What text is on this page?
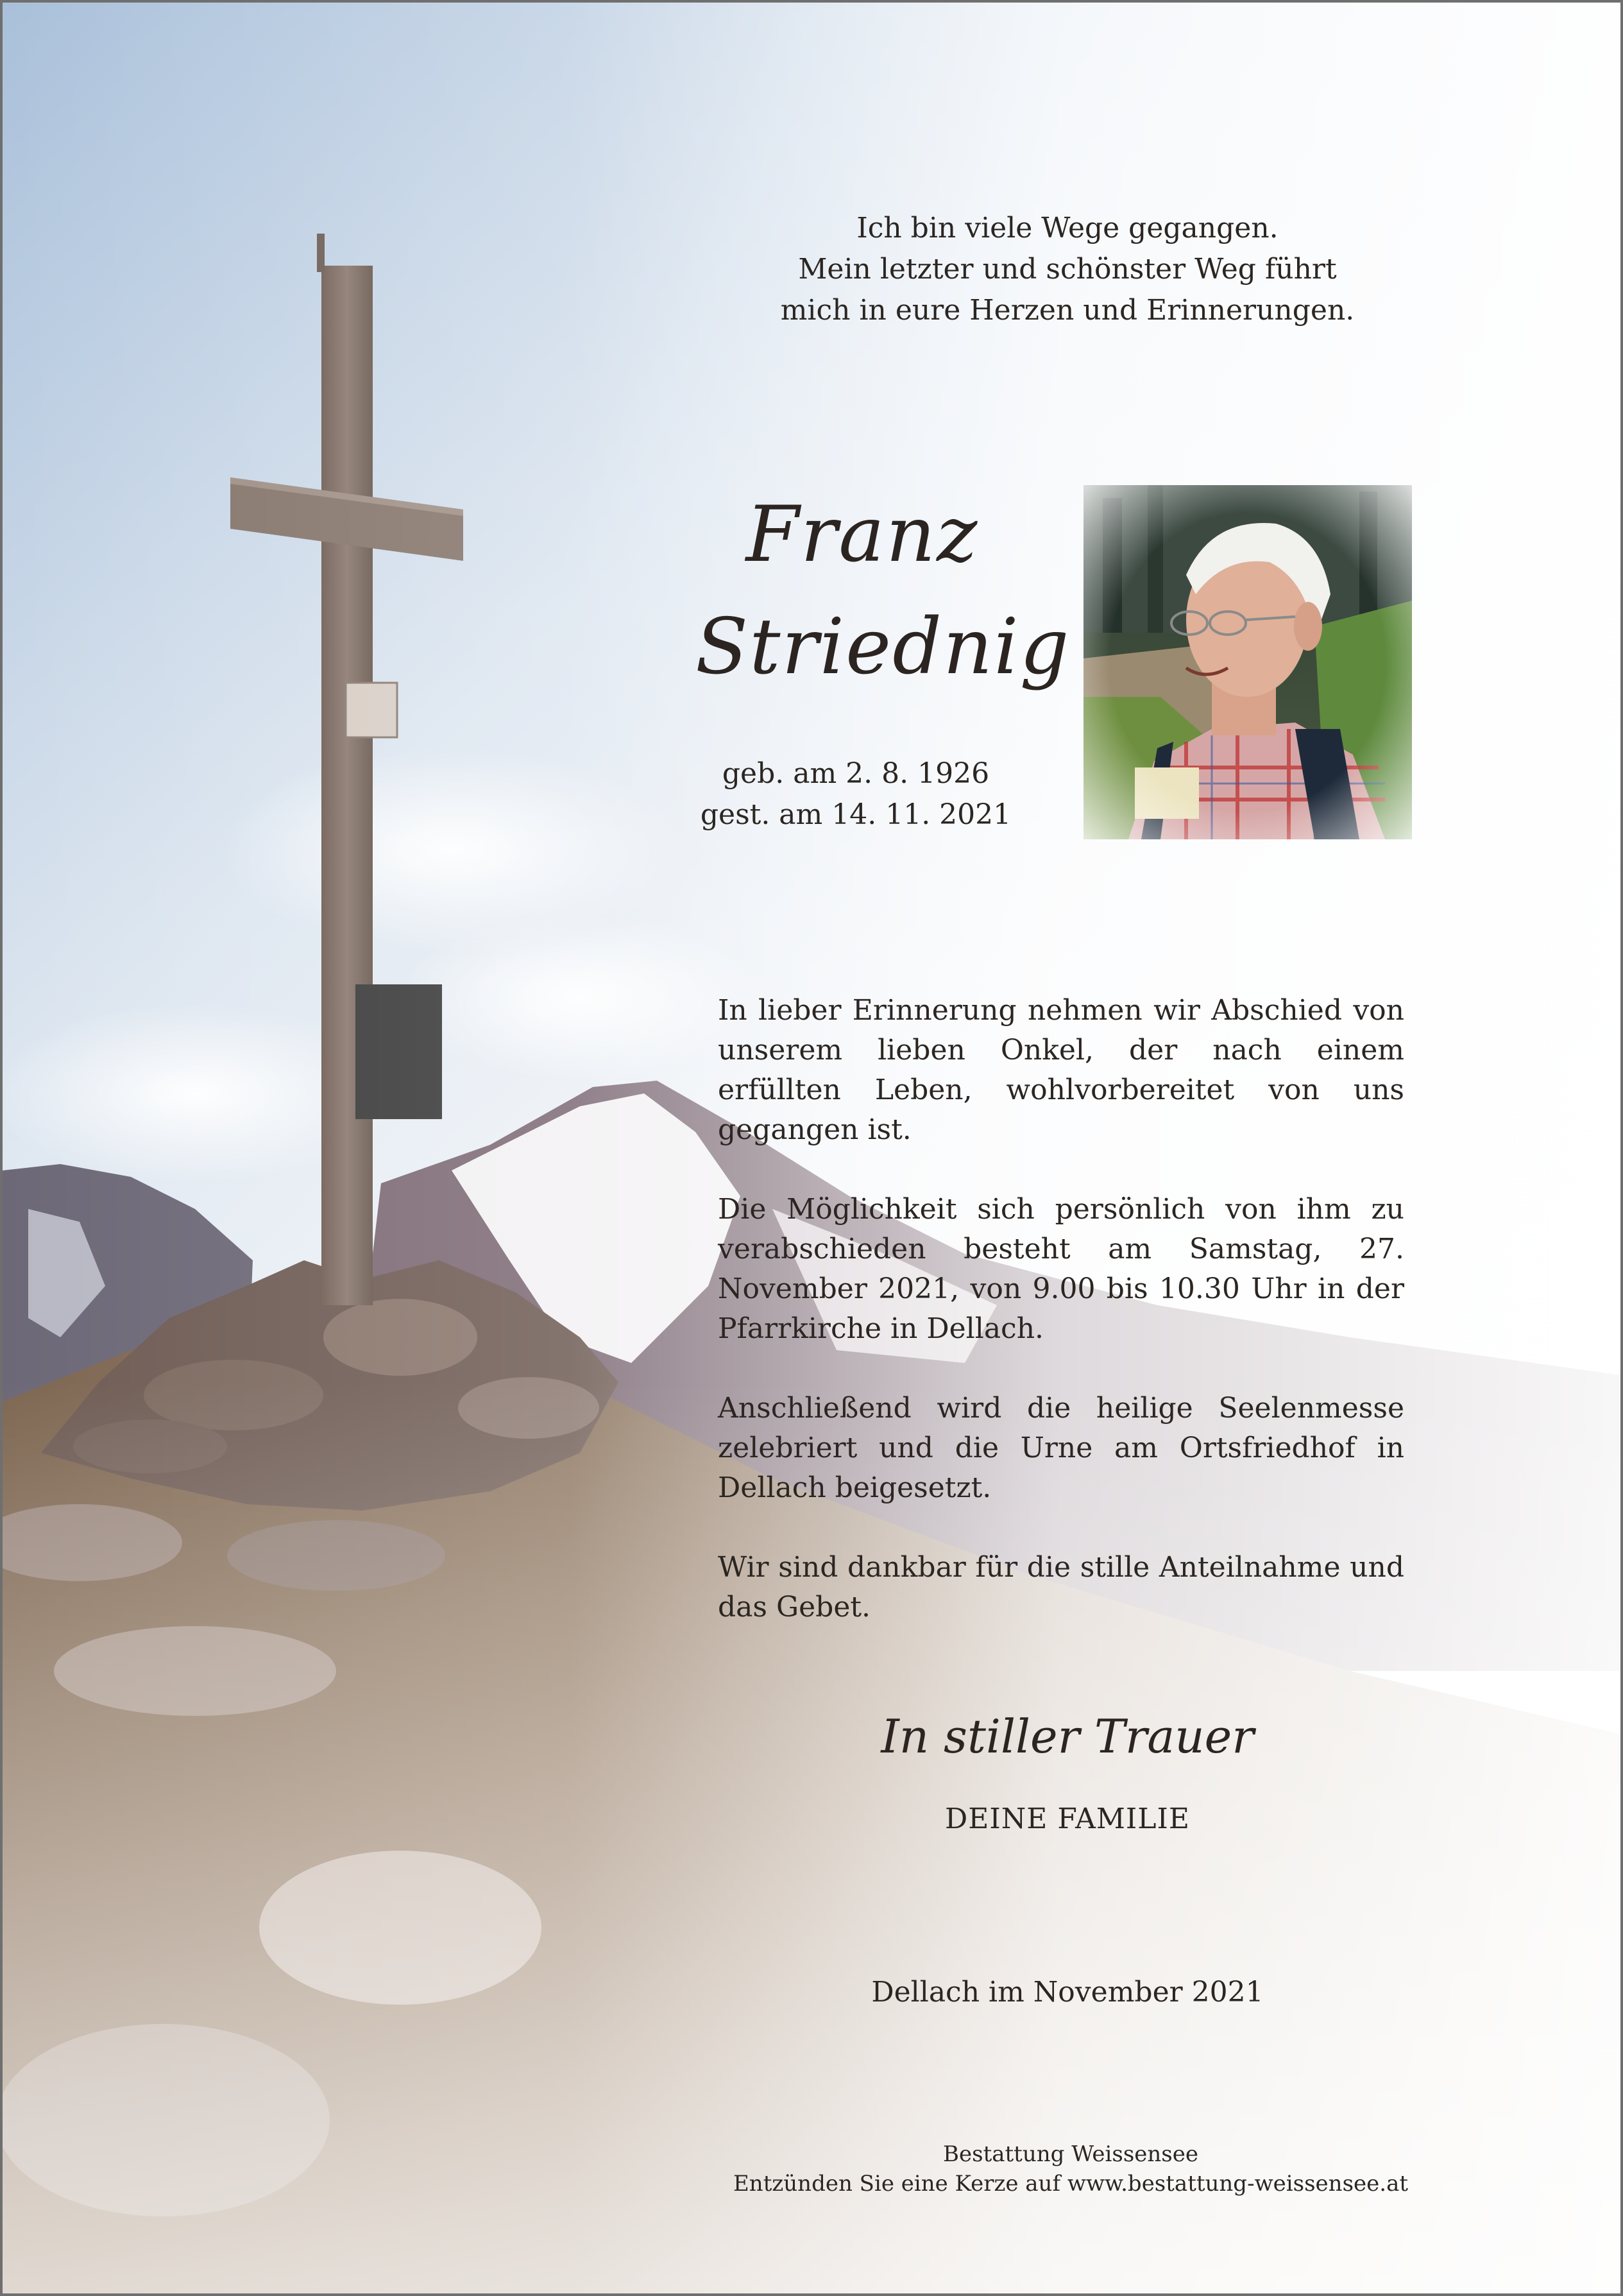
Ich bin viele Wege gegangen.
Mein letzter und schönster Weg führt
mich in eure Herzen und Erinnerungen.
Franz
Striednig
geb. am 2. 8. 1926
gest. am 14. 11. 2021

In lieber Erinnerung nehmen wir Abschied von unserem lieben Onkel, der nach einem erfüllten Leben, wohlvorbereitet von uns gegangen ist.

Die Möglichkeit sich persönlich von ihm zu verabschieden besteht am Samstag, 27. November 2021, von 9.00 bis 10.30 Uhr in der Pfarrkirche in Dellach.

Anschließend wird die heilige Seelenmesse zelebriert und die Urne am Ortsfriedhof in Dellach beigesetzt.

Wir sind dankbar für die stille Anteilnahme und das Gebet.

In stiller Trauer
DEINE FAMILIE
Dellach im November 2021
Bestattung Weissensee
Entzünden Sie eine Kerze auf www.bestattung-weissensee.at
